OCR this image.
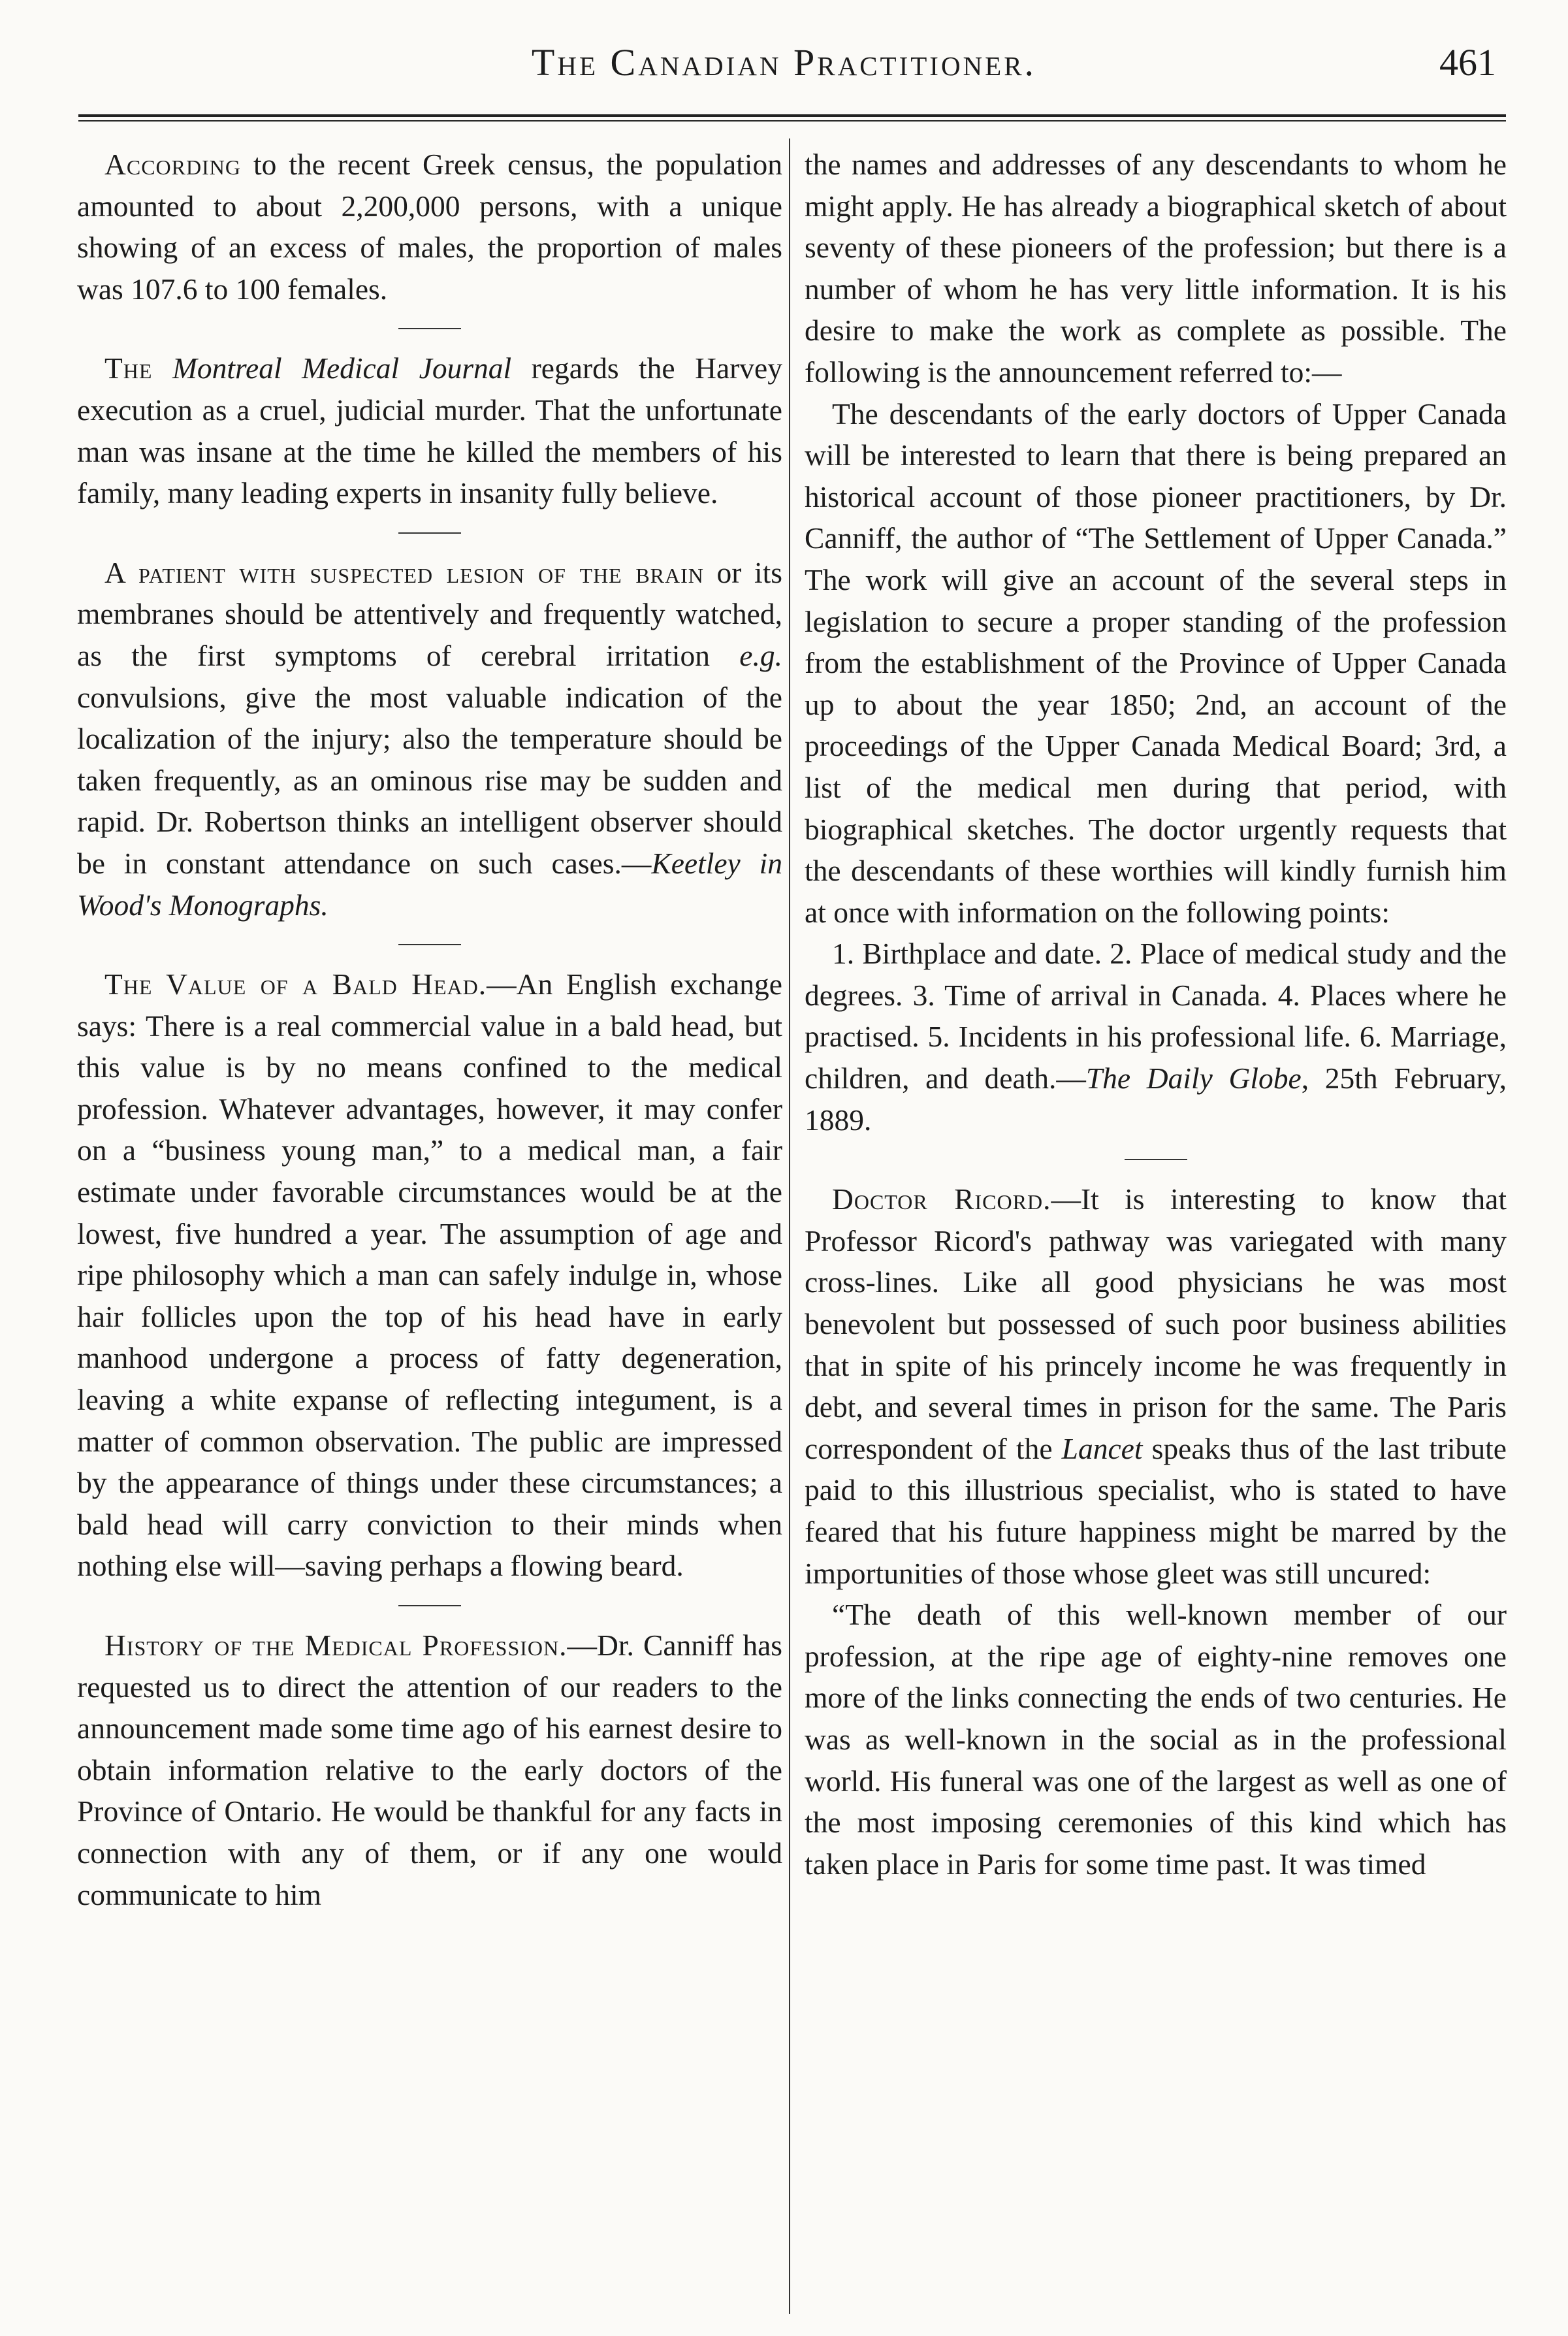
The Canadian Practitioner.	461

According to the recent Greek census, the population amounted to about 2,200,000 persons, with a unique showing of an excess of males, the proportion of males was 107.6 to 100 females.

The Montreal Medical Journal regards the Harvey execution as a cruel, judicial murder. That the unfortunate man was insane at the time he killed the members of his family, many leading experts in insanity fully believe.

A patient with suspected lesion of the brain or its membranes should be attentively and frequently watched, as the first symptoms of cerebral irritation e.g. convulsions, give the most valuable indication of the localization of the injury; also the temperature should be taken frequently, as an ominous rise may be sudden and rapid. Dr. Robertson thinks an intelligent observer should be in constant attendance on such cases.—Keetley in Wood's Monographs.

The Value of a Bald Head.—An English exchange says: There is a real commercial value in a bald head, but this value is by no means confined to the medical profession. Whatever advantages, however, it may confer on a “business young man,” to a medical man, a fair estimate under favorable circumstances would be at the lowest, five hundred a year. The assumption of age and ripe philosophy which a man can safely indulge in, whose hair follicles upon the top of his head have in early manhood undergone a process of fatty degeneration, leaving a white expanse of reflecting integument, is a matter of common observation. The public are impressed by the appearance of things under these circumstances; a bald head will carry conviction to their minds when nothing else will—saving perhaps a flowing beard.

History of the Medical Profession.—Dr. Canniff has requested us to direct the attention of our readers to the announcement made some time ago of his earnest desire to obtain information relative to the early doctors of the Province of Ontario. He would be thankful for any facts in connection with any of them, or if any one would communicate to him

the names and addresses of any descendants to whom he might apply. He has already a biographical sketch of about seventy of these pioneers of the profession; but there is a number of whom he has very little information. It is his desire to make the work as complete as possible. The following is the announcement referred to:—

The descendants of the early doctors of Upper Canada will be interested to learn that there is being prepared an historical account of those pioneer practitioners, by Dr. Canniff, the author of “The Settlement of Upper Canada.” The work will give an account of the several steps in legislation to secure a proper standing of the profession from the establishment of the Province of Upper Canada up to about the year 1850; 2nd, an account of the proceedings of the Upper Canada Medical Board; 3rd, a list of the medical men during that period, with biographical sketches. The doctor urgently requests that the descendants of these worthies will kindly furnish him at once with information on the following points:

1. Birthplace and date. 2. Place of medical study and the degrees. 3. Time of arrival in Canada. 4. Places where he practised. 5. Incidents in his professional life. 6. Marriage, children, and death.—The Daily Globe, 25th February, 1889.

Doctor Ricord.—It is interesting to know that Professor Ricord's pathway was variegated with many cross-lines. Like all good physicians he was most benevolent but possessed of such poor business abilities that in spite of his princely income he was frequently in debt, and several times in prison for the same. The Paris correspondent of the Lancet speaks thus of the last tribute paid to this illustrious specialist, who is stated to have feared that his future happiness might be marred by the importunities of those whose gleet was still uncured:

“The death of this well-known member of our profession, at the ripe age of eighty-nine removes one more of the links connecting the ends of two centuries. He was as well-known in the social as in the professional world. His funeral was one of the largest as well as one of the most imposing ceremonies of this kind which has taken place in Paris for some time past. It was timed
